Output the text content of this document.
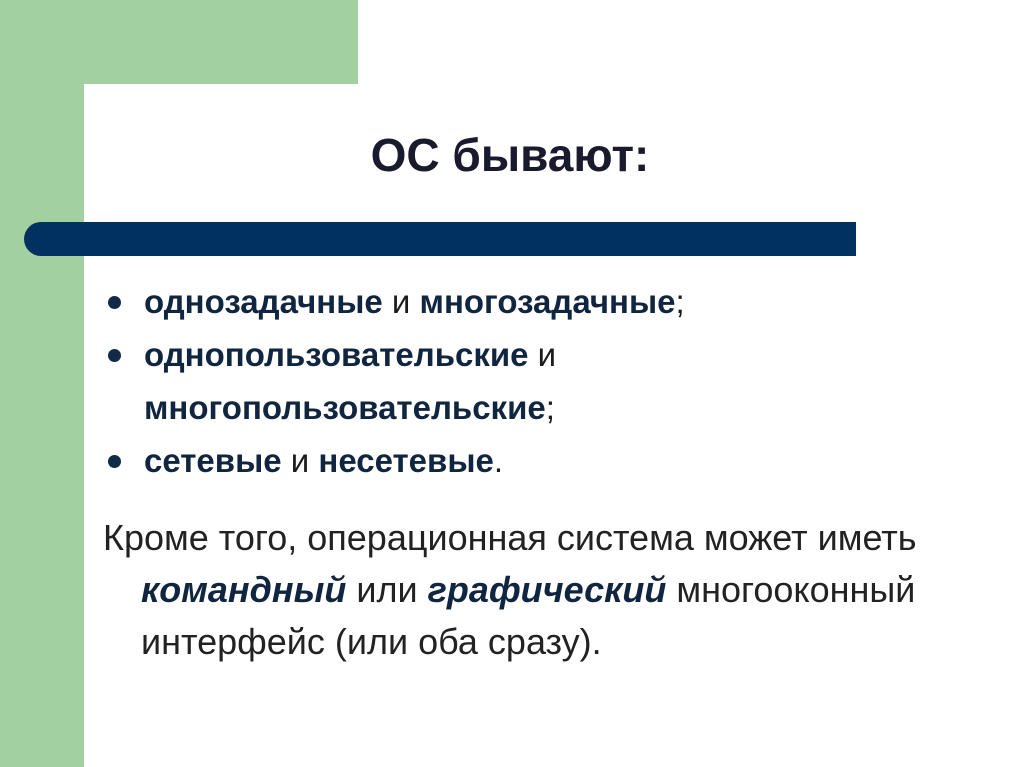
ОС бывают:
однозадачные и многозадачные;
однопользовательские и
многопользовательские;
сетевые и несетевые.

Кроме того, операционная система может иметь командный или графический многооконный интерфейс (или оба сразу).
